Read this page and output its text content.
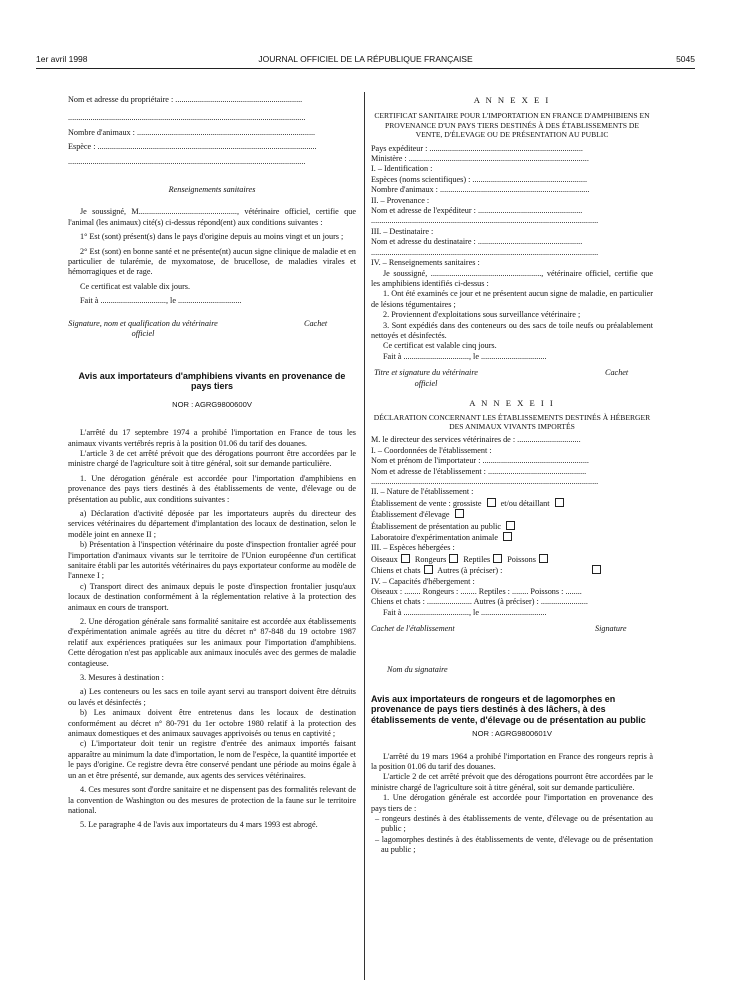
1er avril 1998	JOURNAL OFFICIEL DE LA RÉPUBLIQUE FRANÇAISE	5045

Nom et adresse du propriétaire : ..............................................................

....................................................................................................................

Nombre d'animaux : .......................................................................................

Espèce : ...........................................................................................................

....................................................................................................................

Renseignements sanitaires

Je soussigné, M................................................, vétérinaire officiel, certifie que l'animal (les animaux) cité(s) ci-dessus répond(ent) aux conditions suivantes :

1° Est (sont) présent(s) dans le pays d'origine depuis au moins vingt et un jours ;

2° Est (sont) en bonne santé et ne présente(nt) aucun signe clinique de maladie et en particulier de tularémie, de myxomatose, de brucellose, de maladies virales et hémorragiques et de rage.

Ce certificat est valable dix jours.

Fait à ................................, le ...............................

Signature, nom et qualification du vétérinaire officiel
Cachet

Avis aux importateurs d'amphibiens vivants en provenance de pays tiers

NOR : AGRG9800600V

L'arrêté du 17 septembre 1974 a prohibé l'importation en France de tous les animaux vivants vertébrés repris à la position 01.06 du tarif des douanes.

L'article 3 de cet arrêté prévoit que des dérogations pourront être accordées par le ministre chargé de l'agriculture soit à titre général, soit sur demande particulière.

1. Une dérogation générale est accordée pour l'importation d'amphibiens en provenance des pays tiers destinés à des établissements de vente, d'élevage ou de présentation au public, aux conditions suivantes :

a) Déclaration d'activité déposée par les importateurs auprès du directeur des services vétérinaires du département d'implantation des locaux de destination, selon le modèle joint en annexe II ;

b) Présentation à l'inspection vétérinaire du poste d'inspection frontalier agréé pour l'importation d'animaux vivants sur le territoire de l'Union européenne d'un certificat sanitaire établi par les autorités vétérinaires du pays exportateur conforme au modèle de l'annexe I ;

c) Transport direct des animaux depuis le poste d'inspection frontalier jusqu'aux locaux de destination conformément à la réglementation relative à la protection des animaux en cours de transport.

2. Une dérogation générale sans formalité sanitaire est accordée aux établissements d'expérimentation animale agréés au titre du décret n° 87-848 du 19 octobre 1987 relatif aux expériences pratiquées sur les animaux pour l'importation d'amphibiens. Cette dérogation n'est pas applicable aux animaux inoculés avec des germes de maladie contagieuse.

3. Mesures à destination :

a) Les conteneurs ou les sacs en toile ayant servi au transport doivent être détruits ou lavés et désinfectés ;

b) Les animaux doivent être entretenus dans les locaux de destination conformément au décret n° 80-791 du 1er octobre 1980 relatif à la protection des animaux domestiques et des animaux sauvages apprivoisés ou tenus en captivité ;

c) L'importateur doit tenir un registre d'entrée des animaux importés faisant apparaître au minimum la date d'importation, le nom de l'espèce, la quantité importée et le pays d'origine. Ce registre devra être conservé pendant une période au moins égale à un an et être présenté, sur demande, aux agents des services vétérinaires.

4. Ces mesures sont d'ordre sanitaire et ne dispensent pas des formalités relevant de la convention de Washington ou des mesures de protection de la faune sur le territoire national.

5. Le paragraphe 4 de l'avis aux importateurs du 4 mars 1993 est abrogé.

A N N E X E I

CERTIFICAT SANITAIRE POUR L'IMPORTATION EN FRANCE D'AMPHIBIENS EN PROVENANCE D'UN PAYS TIERS DESTINÉS À DES ÉTABLISSEMENTS DE VENTE, D'ÉLEVAGE OU DE PRÉSENTATION AU PUBLIC

Pays expéditeur : ...........................................................................

Ministère : ........................................................................................

I. – Identification :

Espèces (noms scientifiques) : ........................................................

Nombre d'animaux : .........................................................................

II. – Provenance :

Nom et adresse de l'expéditeur : ...................................................

...............................................................................................................

III. – Destinataire :

Nom et adresse du destinataire : ...................................................

...............................................................................................................

IV. – Renseignements sanitaires :

Je soussigné, ......................................................, vétérinaire officiel, certifie que les amphibiens identifiés ci-dessus :

1. Ont été examinés ce jour et ne présentent aucun signe de maladie, en particulier de lésions tégumentaires ;

2. Proviennent d'exploitations sous surveillance vétérinaire ;

3. Sont expédiés dans des conteneurs ou des sacs de toile neufs ou préalablement nettoyés et désinfectés.

Ce certificat est valable cinq jours.

Fait à ................................, le ................................

Titre et signature du vétérinaire officiel
Cachet

A N N E X E I I

DÉCLARATION CONCERNANT LES ÉTABLISSEMENTS DESTINÉS À HÉBERGER DES ANIMAUX VIVANTS IMPORTÉS

M. le directeur des services vétérinaires de : ...............................

I. – Coordonnées de l'établissement :

Nom et prénom de l'importateur : ....................................................

Nom et adresse de l'établissement : ................................................

...............................................................................................................

II. – Nature de l'établissement :

Établissement de vente : grossiste et/ou détaillant

Établissement d'élevage

Établissement de présentation au public

Laboratoire d'expérimentation animale

III. – Espèces hébergées :

Oiseaux Rongeurs Reptiles Poissons

Chiens et chats Autres (à préciser) :

IV. – Capacités d'hébergement :

Oiseaux : ........ Rongeurs : ........ Reptiles : ........ Poissons : ........

Chiens et chats : ...................... Autres (à préciser) : .......................

Fait à ................................, le ................................

Cachet de l'établissement	Signature

Nom du signataire

Avis aux importateurs de rongeurs et de lagomorphes en provenance de pays tiers destinés à des lâchers, à des établissements de vente, d'élevage ou de présentation au public

NOR : AGRG9800601V

L'arrêté du 19 mars 1964 a prohibé l'importation en France des rongeurs repris à la position 01.06 du tarif des douanes.

L'article 2 de cet arrêté prévoit que des dérogations pourront être accordées par le ministre chargé de l'agriculture soit à titre général, soit sur demande particulière.

1. Une dérogation générale est accordée pour l'importation en provenance des pays tiers de :

– rongeurs destinés à des établissements de vente, d'élevage ou de présentation au public ;
– lagomorphes destinés à des établissements de vente, d'élevage ou de présentation au public ;
